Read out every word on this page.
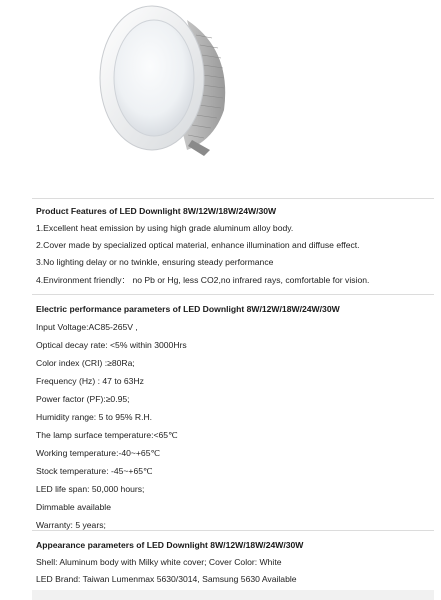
Product Features of LED Downlight 8W/12W/18W/24W/30W
1.Excellent heat emission by using high grade aluminum alloy body.
2.Cover made by specialized optical material, enhance illumination and diffuse effect.
3.No lighting delay or no twinkle, ensuring steady performance
4.Environment friendly： no Pb or Hg, less CO2,no infrared rays, comfortable for vision.
Electric performance parameters of LED Downlight 8W/12W/18W/24W/30W
Input Voltage:AC85-265V ,
Optical decay rate: <5% within 3000Hrs
Color index (CRI) :≥80Ra;
Frequency (Hz) : 47 to 63Hz
Power factor (PF):≥0.95;
Humidity range: 5 to 95% R.H.
The lamp surface temperature:<65℃
Working temperature:-40~+65℃
Stock temperature: -45~+65℃
LED life span: 50,000 hours;
Dimmable available
Warranty: 5 years;
Appearance parameters of LED Downlight 8W/12W/18W/24W/30W
Shell: Aluminum body with Milky white cover; Cover Color: White
LED Brand: Taiwan Lumenmax 5630/3014, Samsung 5630 Available
